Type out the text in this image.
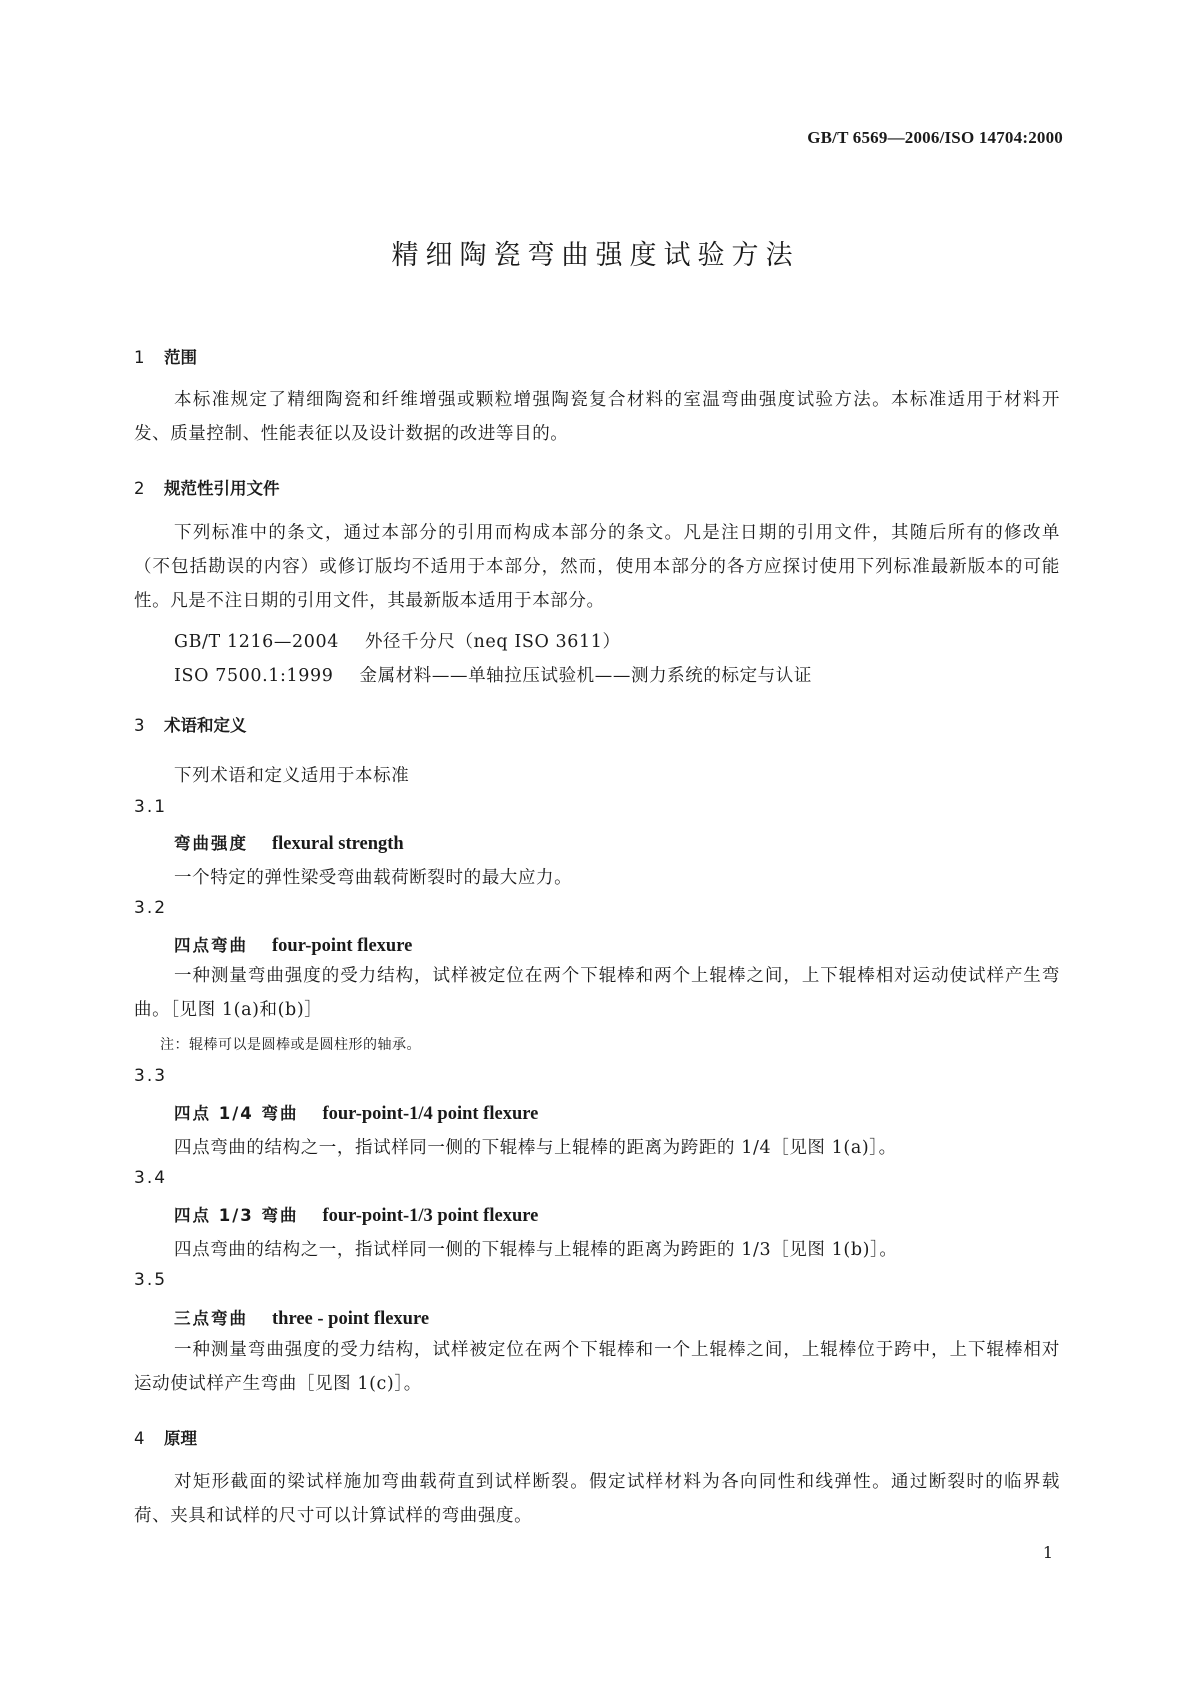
GB/T 6569—2006/ISO 14704:2000
精细陶瓷弯曲强度试验方法
1 范围
本标准规定了精细陶瓷和纤维增强或颗粒增强陶瓷复合材料的室温弯曲强度试验方法。本标准适用于材料开发、质量控制、性能表征以及设计数据的改进等目的。
2 规范性引用文件
下列标准中的条文，通过本部分的引用而构成本部分的条文。凡是注日期的引用文件，其随后所有的修改单（不包括勘误的内容）或修订版均不适用于本部分，然而，使用本部分的各方应探讨使用下列标准最新版本的可能性。凡是不注日期的引用文件，其最新版本适用于本部分。
GB/T 1216—2004 外径千分尺（neq ISO 3611）
ISO 7500.1:1999 金属材料——单轴拉压试验机——测力系统的标定与认证
3 术语和定义
下列术语和定义适用于本标准
3.1
弯曲强度 flexural strength
一个特定的弹性梁受弯曲载荷断裂时的最大应力。
3.2
四点弯曲 four-point flexure
一种测量弯曲强度的受力结构，试样被定位在两个下辊棒和两个上辊棒之间，上下辊棒相对运动使试样产生弯曲。［见图 1(a)和(b)］
注：辊棒可以是圆棒或是圆柱形的轴承。
3.3
四点 1/4 弯曲 four-point-1/4 point flexure
四点弯曲的结构之一，指试样同一侧的下辊棒与上辊棒的距离为跨距的 1/4［见图 1(a)］。
3.4
四点 1/3 弯曲 four-point-1/3 point flexure
四点弯曲的结构之一，指试样同一侧的下辊棒与上辊棒的距离为跨距的 1/3［见图 1(b)］。
3.5
三点弯曲 three - point flexure
一种测量弯曲强度的受力结构，试样被定位在两个下辊棒和一个上辊棒之间，上辊棒位于跨中，上下辊棒相对运动使试样产生弯曲［见图 1(c)］。
4 原理
对矩形截面的梁试样施加弯曲载荷直到试样断裂。假定试样材料为各向同性和线弹性。通过断裂时的临界载荷、夹具和试样的尺寸可以计算试样的弯曲强度。
1
